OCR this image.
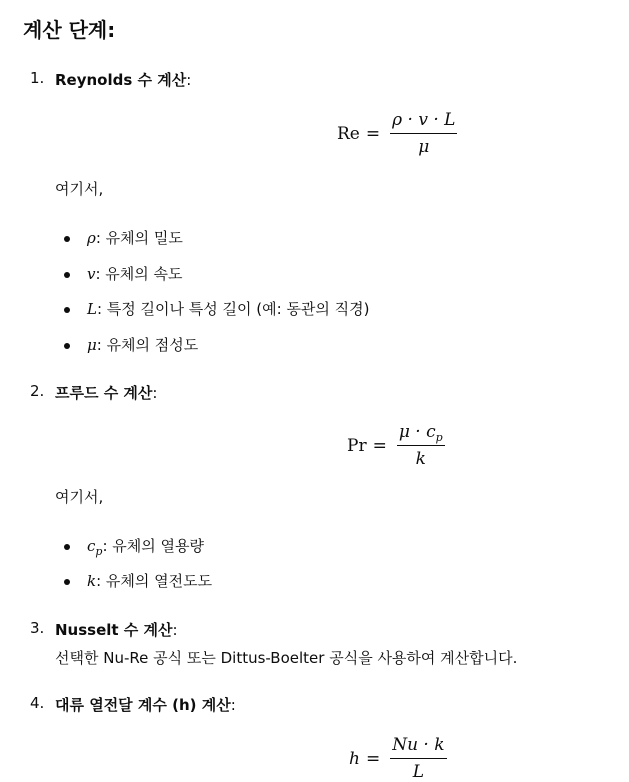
계산 단계:
1. Reynolds 수 계산:
$Re = \frac{\rho \cdot v \cdot L}{\mu}$
여기서,
ρ: 유체의 밀도
v: 유체의 속도
L: 특정 길이나 특성 길이 (예: 동관의 직경)
μ: 유체의 점성도
2. 프루드 수 계산:
$Pr = \frac{\mu \cdot c_p}{k}$
여기서,
$c_p$: 유체의 열용량
k: 유체의 열전도도
3. Nusselt 수 계산:
선택한 Nu-Re 공식 또는 Dittus-Boelter 공식을 사용하여 계산합니다.
4. 대류 열전달 계수 (h) 계산:
$h = \frac{Nu \cdot k}{L}$
